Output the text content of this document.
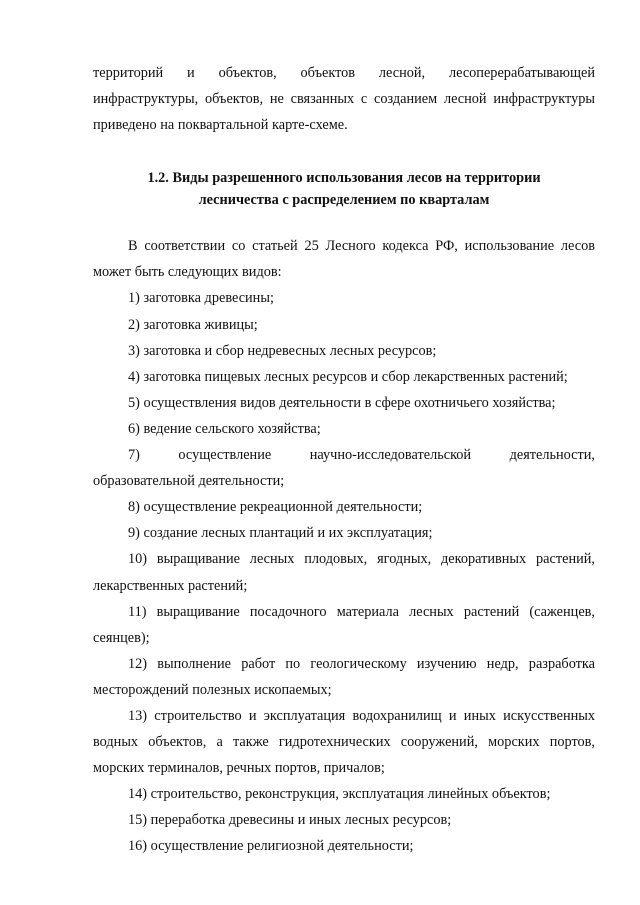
территорий и объектов, объектов лесной, лесоперерабатывающей инфраструктуры, объектов, не связанных с созданием лесной инфраструктуры приведено на поквартальной карте-схеме.

1.2. Виды разрешенного использования лесов на территории
лесничества с распределением по кварталам

В соответствии со статьей 25 Лесного кодекса РФ, использование лесов может быть следующих видов:

1) заготовка древесины;

2) заготовка живицы;

3) заготовка и сбор недревесных лесных ресурсов;

4) заготовка пищевых лесных ресурсов и сбор лекарственных растений;

5) осуществления видов деятельности в сфере охотничьего хозяйства;

6) ведение сельского хозяйства;

7) осуществление научно-исследовательской деятельности, образовательной деятельности;

8) осуществление рекреационной деятельности;

9) создание лесных плантаций и их эксплуатация;

10) выращивание лесных плодовых, ягодных, декоративных растений, лекарственных растений;

11) выращивание посадочного материала лесных растений (саженцев, сеянцев);

12) выполнение работ по геологическому изучению недр, разработка месторождений полезных ископаемых;

13) строительство и эксплуатация водохранилищ и иных искусственных водных объектов, а также гидротехнических сооружений, морских портов, морских терминалов, речных портов, причалов;

14) строительство, реконструкция, эксплуатация линейных объектов;

15) переработка древесины и иных лесных ресурсов;

16) осуществление религиозной деятельности;
